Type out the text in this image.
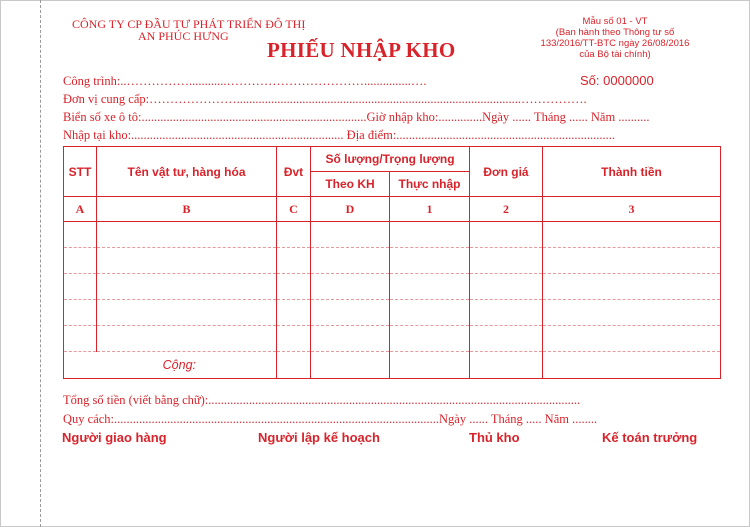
CÔNG TY CP ĐẦU TƯ PHÁT TRIỂN ĐÔ THỊ
AN PHÚC HƯNG
PHIẾU NHẬP KHO
Mẫu số 01 - VT
(Ban hành theo Thông tư số
133/2016/TT-BTC ngày 26/08/2016
của Bộ tài chính)
Số: 0000000
Công trình:..……………............……………………………...............….
Đơn vị cung cấp:…………………...........................................................................................…………….
Biển số xe ô tô:........................................................................Giờ nhập kho:..............Ngày ...... Tháng ...... Năm ..........
Nhập tại kho:.................................................................... Địa điểm:......................................................................
STT	Tên vật tư, hàng hóa	Đvt	Số lượng/Trọng lượng		Đơn giá	Thành tiền
			Theo KH	Thực nhập		
A	B	C	D	1	2	3

Cộng:						
Tổng số tiền (viết bằng chữ):.......................................................................................................................
Quy cách:........................................................................................................Ngày ...... Tháng ..... Năm ........
Người giao hàng	Người lập kế hoạch	Thủ kho	Kế toán trưởng
